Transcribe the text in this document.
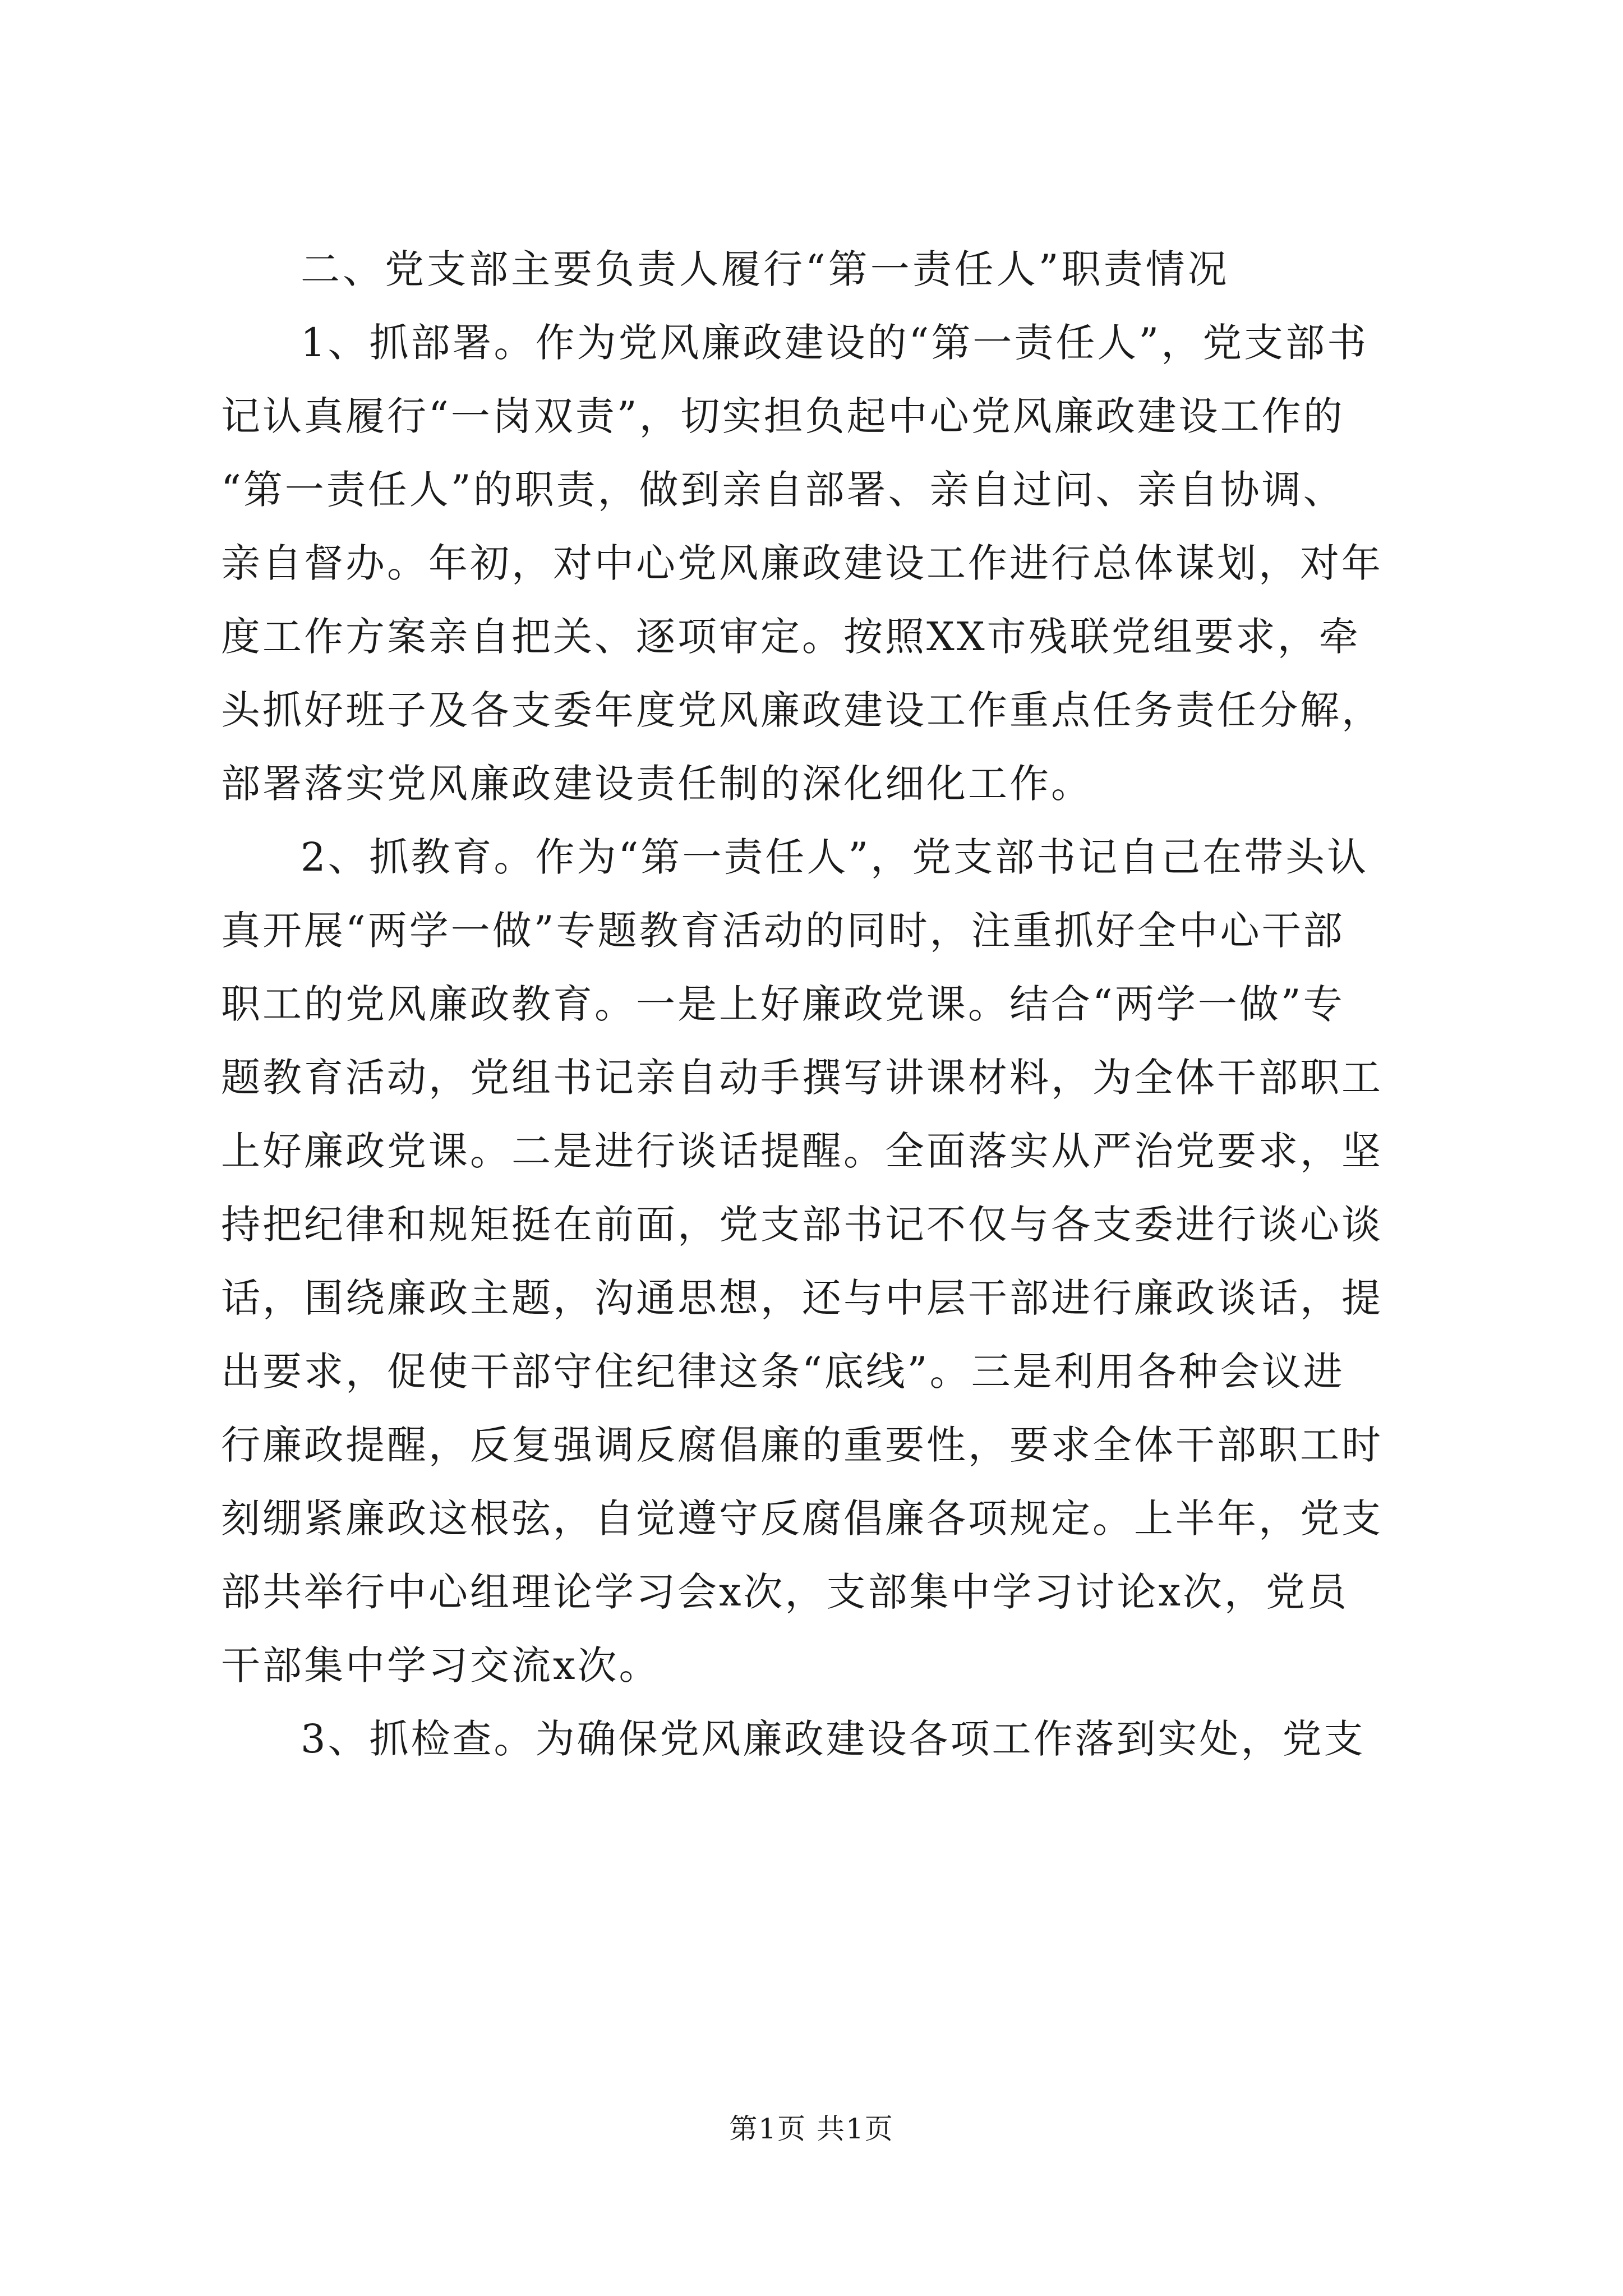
二、党支部主要负责人履行“第一责任人”职责情况
1、抓部署。作为党风廉政建设的“第一责任人”，党支部书
记认真履行“一岗双责”，切实担负起中心党风廉政建设工作的
“第一责任人”的职责，做到亲自部署、亲自过问、亲自协调、
亲自督办。年初，对中心党风廉政建设工作进行总体谋划，对年
度工作方案亲自把关、逐项审定。按照XX市残联党组要求，牵
头抓好班子及各支委年度党风廉政建设工作重点任务责任分解，
部署落实党风廉政建设责任制的深化细化工作。
2、抓教育。作为“第一责任人”，党支部书记自己在带头认
真开展“两学一做”专题教育活动的同时，注重抓好全中心干部
职工的党风廉政教育。一是上好廉政党课。结合“两学一做”专
题教育活动，党组书记亲自动手撰写讲课材料，为全体干部职工
上好廉政党课。二是进行谈话提醒。全面落实从严治党要求，坚
持把纪律和规矩挺在前面，党支部书记不仅与各支委进行谈心谈
话，围绕廉政主题，沟通思想，还与中层干部进行廉政谈话，提
出要求，促使干部守住纪律这条“底线”。三是利用各种会议进
行廉政提醒，反复强调反腐倡廉的重要性，要求全体干部职工时
刻绷紧廉政这根弦，自觉遵守反腐倡廉各项规定。上半年，党支
部共举行中心组理论学习会x次，支部集中学习讨论x次，党员
干部集中学习交流x次。
3、抓检查。为确保党风廉政建设各项工作落到实处，党支
第1页 共1页
